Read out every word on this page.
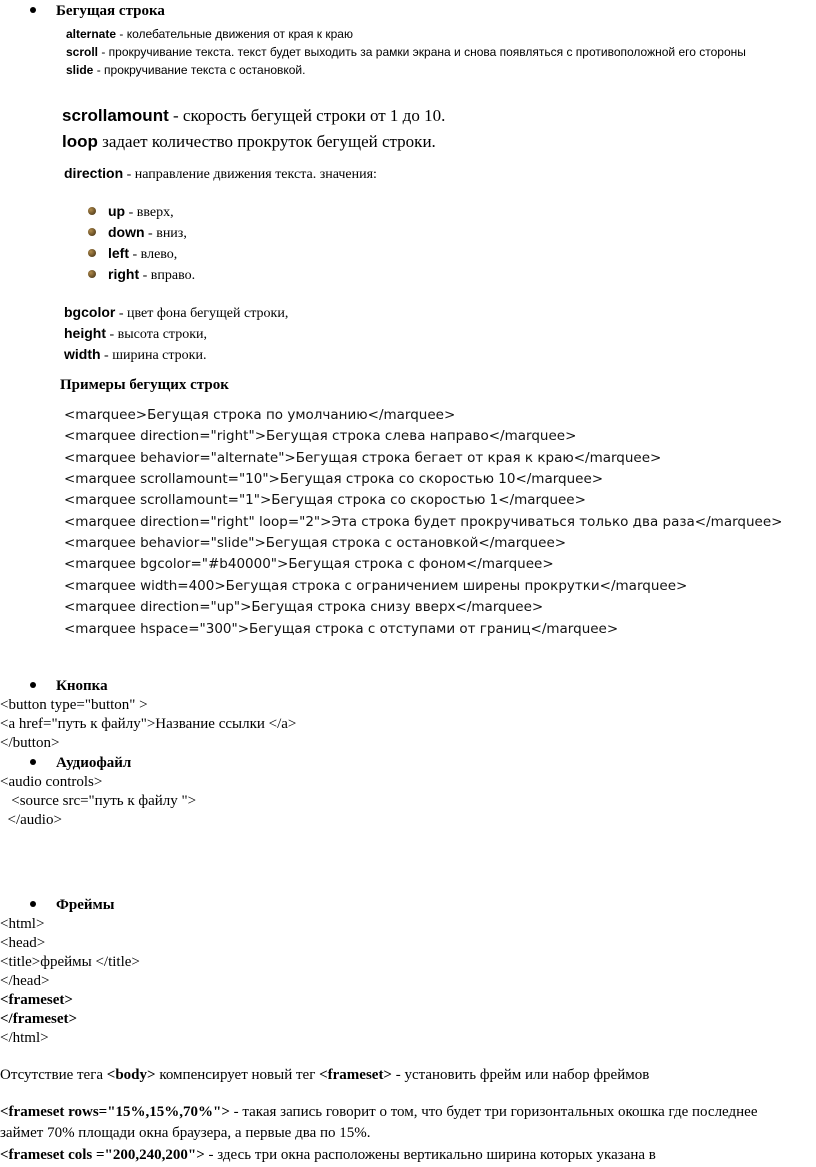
Бегущая строка
alternate - колебательные движения от края к краю
scroll - прокручивание текста. текст будет выходить за рамки экрана и снова появляться с противоположной его стороны
slide - прокручивание текста с остановкой.
scrollamount - скорость бегущей строки от 1 до 10.
loop задает количество прокруток бегущей строки.
direction - направление движения текста. значения:
up - вверх,
down - вниз,
left - влево,
right - вправо.
bgcolor - цвет фона бегущей строки,
height - высота строки,
width - ширина строки.
Примеры бегущих строк
<marquee>Бегущая строка по умолчанию</marquee>
<marquee direction="right">Бегущая строка слева направо</marquee>
<marquee behavior="alternate">Бегущая строка бегает от края к краю</marquee>
<marquee scrollamount="10">Бегущая строка со скоростью 10</marquee>
<marquee scrollamount="1">Бегущая строка со скоростью 1</marquee>
<marquee direction="right" loop="2">Эта строка будет прокручиваться только два раза</marquee>
<marquee behavior="slide">Бегущая строка с остановкой</marquee>
<marquee bgcolor="#b40000">Бегущая строка с фоном</marquee>
<marquee width=400>Бегущая строка с ограничением ширены прокрутки</marquee>
<marquee direction="up">Бегущая строка снизу вверх</marquee>
<marquee hspace="300">Бегущая строка с отступами от границ</marquee>
Кнопка
<button type="button" >
<a href="путь к файлу">Название ссылки </a>
</button>
Аудиофайл
<audio controls>
<source src="путь к файлу ">
</audio>
Фреймы
<html>
<head>
<title>фреймы </title>
</head>
<frameset>
</frameset>
</html>
Отсутствие тега <body> компенсирует новый тег <frameset> - установить фрейм или набор фреймов
<frameset rows="15%,15%,70%"> - такая запись говорит о том, что будет три горизонтальных окошка где последнее займет 70% площади окна браузера, а первые два по 15%.
<frameset cols ="200,240,200"> - здесь три окна расположены вертикально ширина которых указана в
